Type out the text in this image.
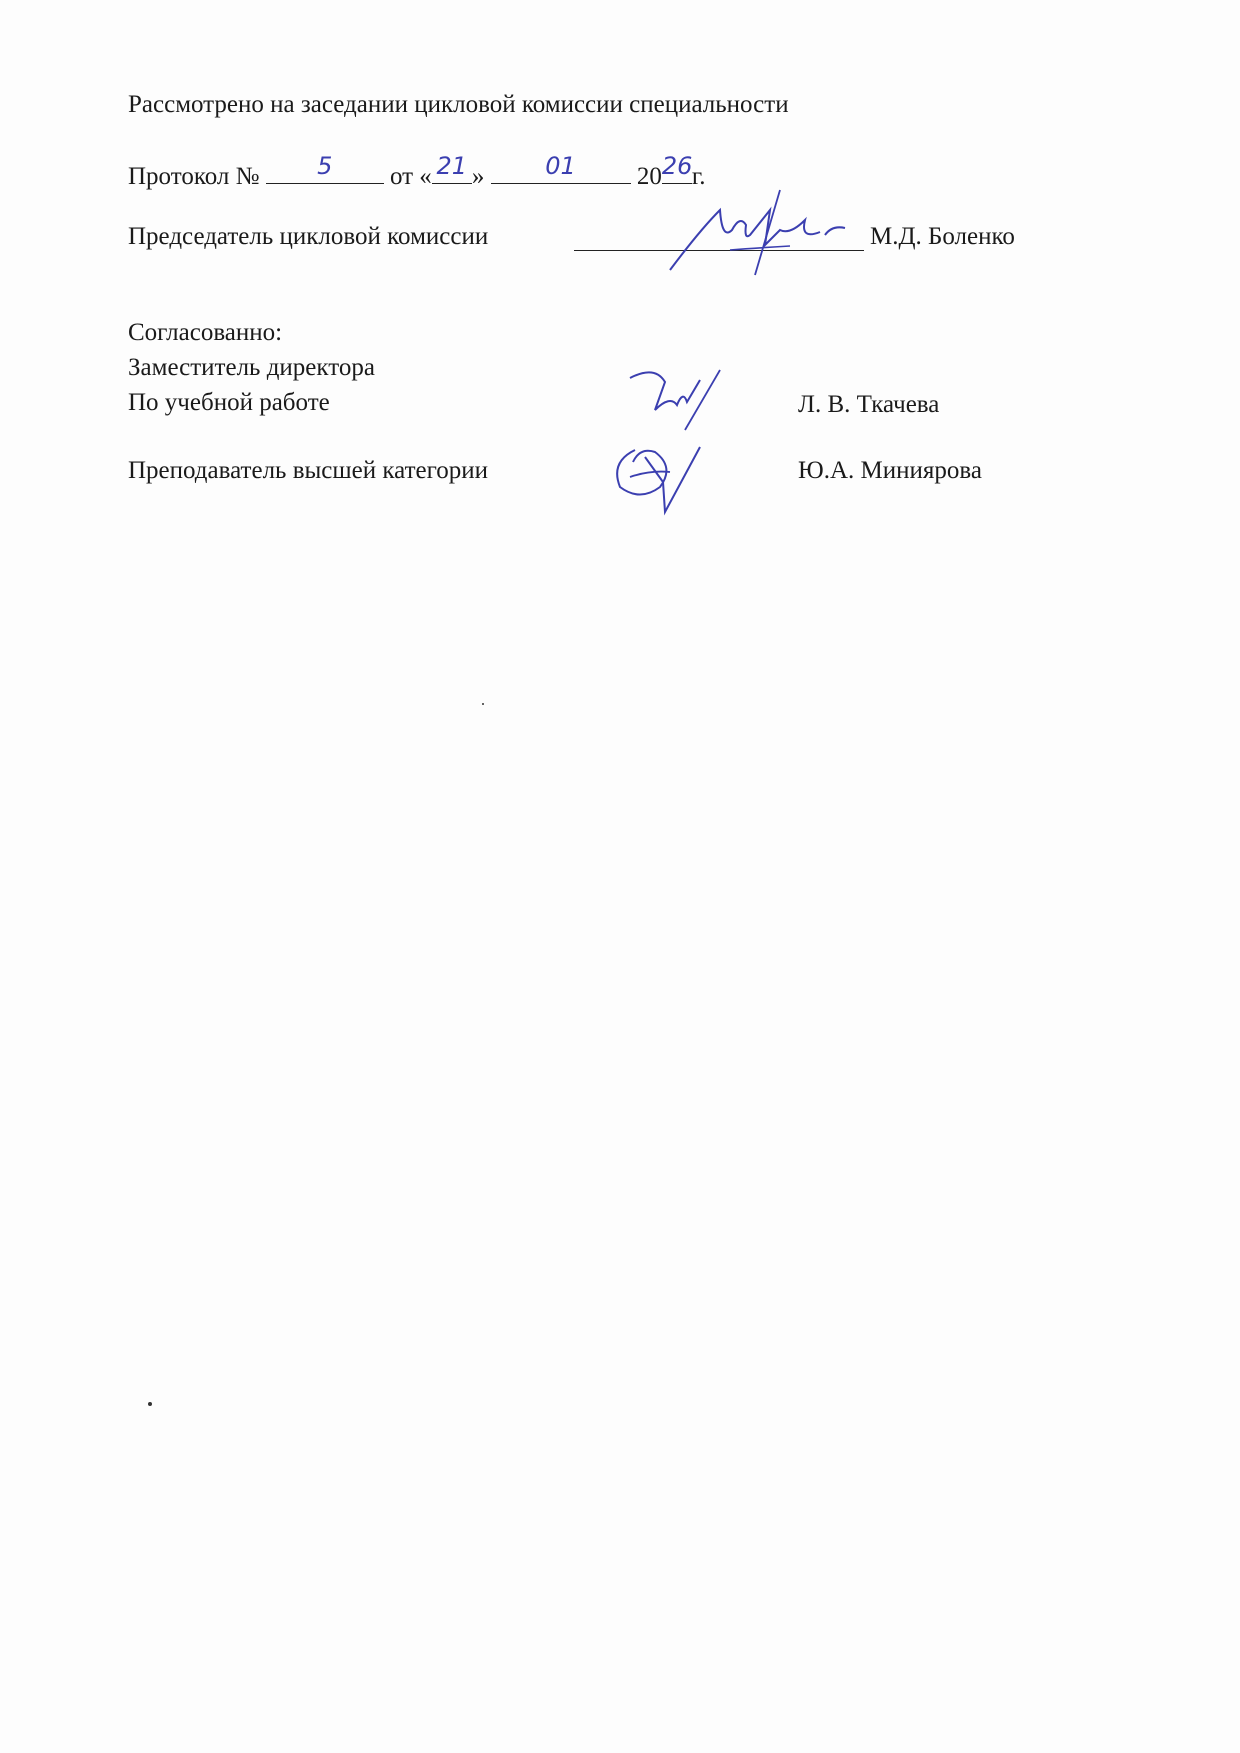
Рассмотрено на заседании цикловой комиссии специальности
Протокол №	5	от « 21 »	01	20 26 г.
Председатель цикловой комиссии	М.Д. Боленко
Согласованно:
Заместитель директора
По учебной работе	Л. В. Ткачева
Преподаватель высшей категории	Ю.А. Миниярова
